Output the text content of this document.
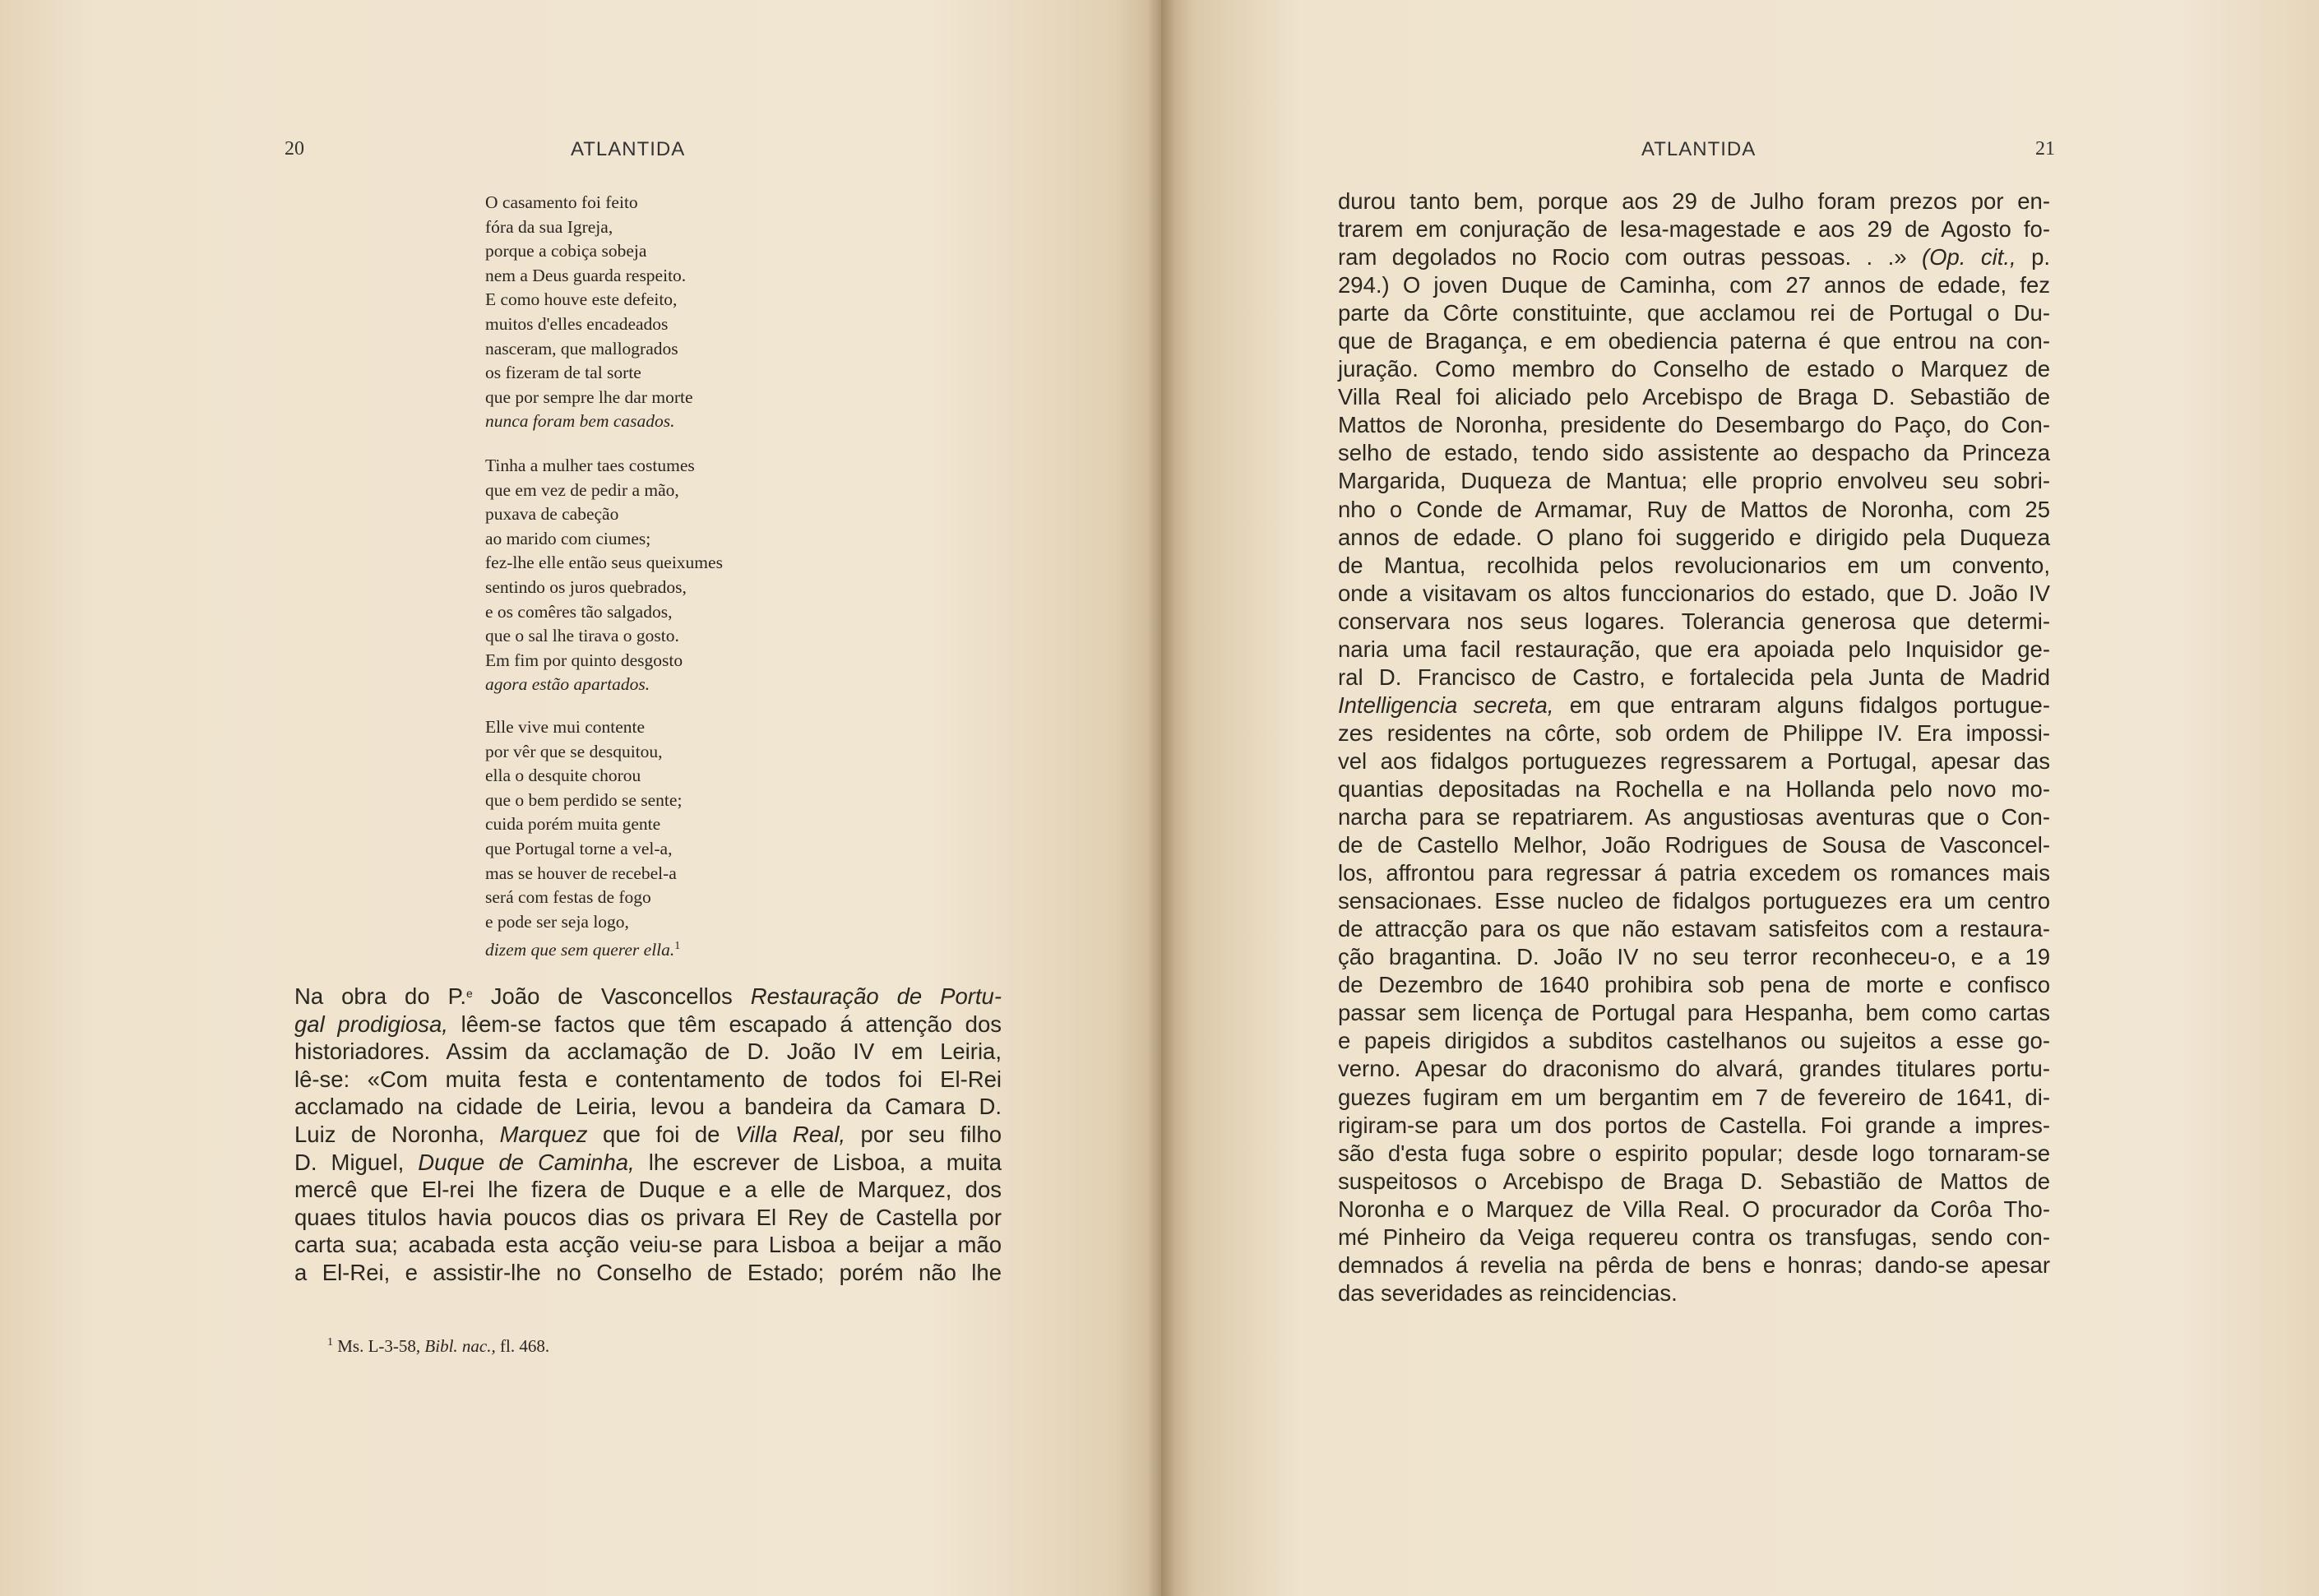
20	ATLANTIDA
O casamento foi feito
fóra da sua Igreja,
porque a cobiça sobeja
nem a Deus guarda respeito.
E como houve este defeito,
muitos d'elles encadeados
nasceram, que mallogrados
os fizeram de tal sorte
que por sempre lhe dar morte
nunca foram bem casados.
Tinha a mulher taes costumes
que em vez de pedir a mão,
puxava de cabeção
ao marido com ciumes;
fez-lhe elle então seus queixumes
sentindo os juros quebrados,
e os comêres tão salgados,
que o sal lhe tirava o gosto.
Em fim por quinto desgosto
agora estão apartados.
Elle vive mui contente
por vêr que se desquitou,
ella o desquite chorou
que o bem perdido se sente;
cuida porém muita gente
que Portugal torne a vel-a,
mas se houver de recebel-a
será com festas de fogo
e pode ser seja logo,
dizem que sem querer ella.$^1$
Na obra do P.$^e$ João de Vasconcellos Restauração de Portu-
gal prodigiosa, lêem-se factos que têm escapado á attenção dos
historiadores. Assim da acclamação de D. João IV em Leiria,
lê-se: «Com muita festa e contentamento de todos foi El-Rei
acclamado na cidade de Leiria, levou a bandeira da Camara D.
Luiz de Noronha, Marquez que foi de Villa Real, por seu filho
D. Miguel, Duque de Caminha, lhe escrever de Lisboa, a muita
mercê que El-rei lhe fizera de Duque e a elle de Marquez, dos
quaes titulos havia poucos dias os privara El Rey de Castella por
carta sua; acabada esta acção veiu-se para Lisboa a beijar a mão
a El-Rei, e assistir-lhe no Conselho de Estado; porém não lhe
$^1$ Ms. L-3-58, Bibl. nac., fl. 468.
ATLANTIDA	21
durou tanto bem, porque aos 29 de Julho foram prezos por en-
trarem em conjuração de lesa-magestade e aos 29 de Agosto fo-
ram degolados no Rocio com outras pessoas. . .» (Op. cit., p.
294.) O joven Duque de Caminha, com 27 annos de edade, fez
parte da Côrte constituinte, que acclamou rei de Portugal o Du-
que de Bragança, e em obediencia paterna é que entrou na con-
juração. Como membro do Conselho de estado o Marquez de
Villa Real foi aliciado pelo Arcebispo de Braga D. Sebastião de
Mattos de Noronha, presidente do Desembargo do Paço, do Con-
selho de estado, tendo sido assistente ao despacho da Princeza
Margarida, Duqueza de Mantua; elle proprio envolveu seu sobri-
nho o Conde de Armamar, Ruy de Mattos de Noronha, com 25
annos de edade. O plano foi suggerido e dirigido pela Duqueza
de Mantua, recolhida pelos revolucionarios em um convento,
onde a visitavam os altos funccionarios do estado, que D. João IV
conservara nos seus logares. Tolerancia generosa que determi-
naria uma facil restauração, que era apoiada pelo Inquisidor ge-
ral D. Francisco de Castro, e fortalecida pela Junta de Madrid
Intelligencia secreta, em que entraram alguns fidalgos portugue-
zes residentes na côrte, sob ordem de Philippe IV. Era impossi-
vel aos fidalgos portuguezes regressarem a Portugal, apesar das
quantias depositadas na Rochella e na Hollanda pelo novo mo-
narcha para se repatriarem. As angustiosas aventuras que o Con-
de de Castello Melhor, João Rodrigues de Sousa de Vasconcel-
los, affrontou para regressar á patria excedem os romances mais
sensacionaes. Esse nucleo de fidalgos portuguezes era um centro
de attracção para os que não estavam satisfeitos com a restaura-
ção bragantina. D. João IV no seu terror reconheceu-o, e a 19
de Dezembro de 1640 prohibira sob pena de morte e confisco
passar sem licença de Portugal para Hespanha, bem como cartas
e papeis dirigidos a subditos castelhanos ou sujeitos a esse go-
verno. Apesar do draconismo do alvará, grandes titulares portu-
guezes fugiram em um bergantim em 7 de fevereiro de 1641, di-
rigiram-se para um dos portos de Castella. Foi grande a impres-
são d'esta fuga sobre o espirito popular; desde logo tornaram-se
suspeitosos o Arcebispo de Braga D. Sebastião de Mattos de
Noronha e o Marquez de Villa Real. O procurador da Corôa Tho-
mé Pinheiro da Veiga requereu contra os transfugas, sendo con-
demnados á revelia na pêrda de bens e honras; dando-se apesar
das severidades as reincidencias.
